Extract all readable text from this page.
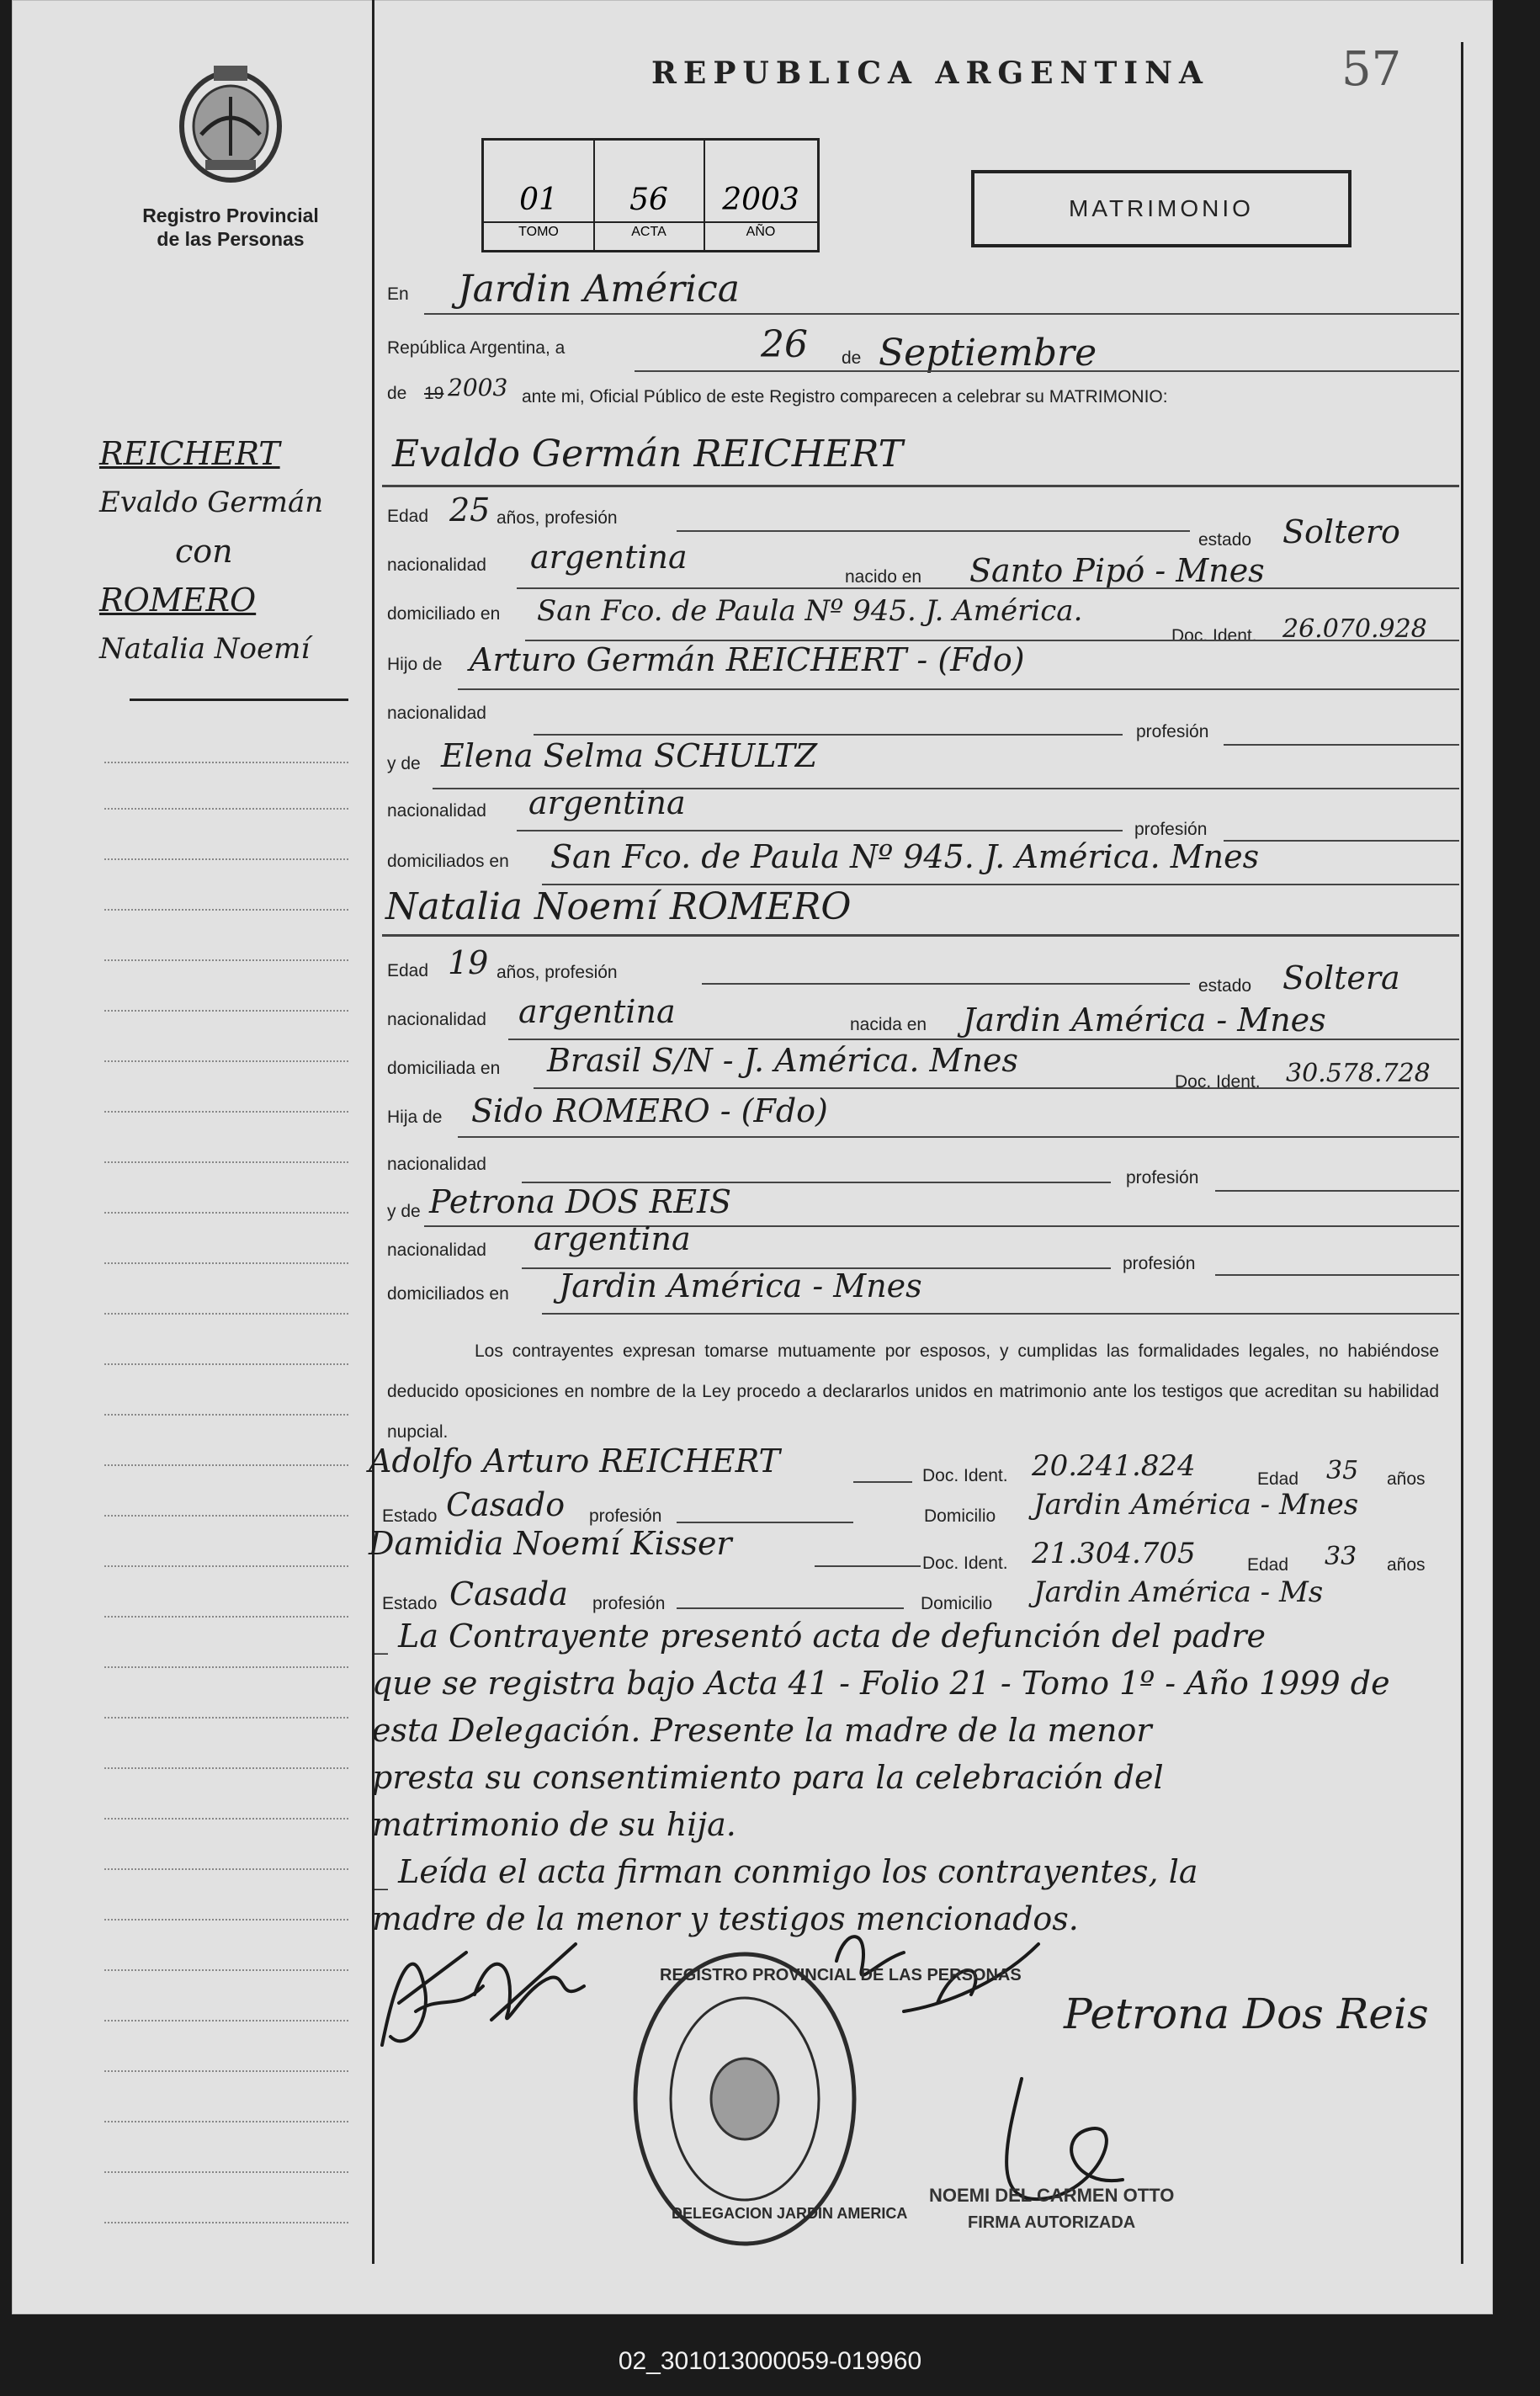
Registro Provincial
de las Personas
REPUBLICA ARGENTINA	57
01
TOMO
56
ACTA
2003
AÑO
MATRIMONIO
REICHERT
Evaldo Germán
con
ROMERO
Natalia Noemí
En Jardin América
República Argentina, a	26 de Septiembre
de 19 2003 ante mi, Oficial Público de este Registro comparecen a celebrar su MATRIMONIO:
Evaldo Germán REICHERT
Edad 25 años, profesión
estado Soltero
nacionalidad argentina
nacido en Santo Pipó - Mnes
domiciliado en San Fco. de Paula Nº 945. J. América.
Doc. Ident. 26.070.928
Hijo de Arturo Germán REICHERT - (Fdo)
nacionalidad
profesión
y de Elena Selma SCHULTZ
nacionalidad argentina
profesión
domiciliados en San Fco. de Paula Nº 945. J. América. Mnes
Natalia Noemí ROMERO
Edad 19 años, profesión
estado Soltera
nacionalidad argentina	nacida en Jardin América - Mnes
domiciliada en Brasil S/N - J. América. Mnes
Doc. Ident. 30.578.728
Hija de Sido ROMERO - (Fdo)
nacionalidad
profesión
y de Petrona DOS REIS
nacionalidad argentina
profesión
domiciliados en Jardin América - Mnes
Los contrayentes expresan tomarse mutuamente por esposos, y cumplidas las formalidades legales, no habiéndose deducido oposiciones en nombre de la Ley procedo a declararlos unidos en matrimonio ante los testigos que acreditan su habilidad nupcial.
Adolfo Arturo REICHERT	Doc. Ident. 20.241.824	Edad 35 años
Estado Casado profesión	Domicilio Jardin América - Mnes
Damidia Noemí Kisser
Doc. Ident. 21.304.705	Edad 33 años
Estado Casada profesión	Domicilio Jardin América - Ms
_ La Contrayente presentó acta de defunción del padre
que se registra bajo Acta 41 - Folio 21 - Tomo 1º - Año 1999 de
esta Delegación. Presente la madre de la menor
presta su consentimiento para la celebración del
matrimonio de su hija.
_ Leída el acta firman conmigo los contrayentes, la
madre de la menor y testigos mencionados.
Petrona Dos Reis
REGISTRO PROVINCIAL DE LAS PERSONAS
DELEGACION JARDIN AMERICA
NOEMI DEL CARMEN OTTO
FIRMA AUTORIZADA
02_301013000059-019960
